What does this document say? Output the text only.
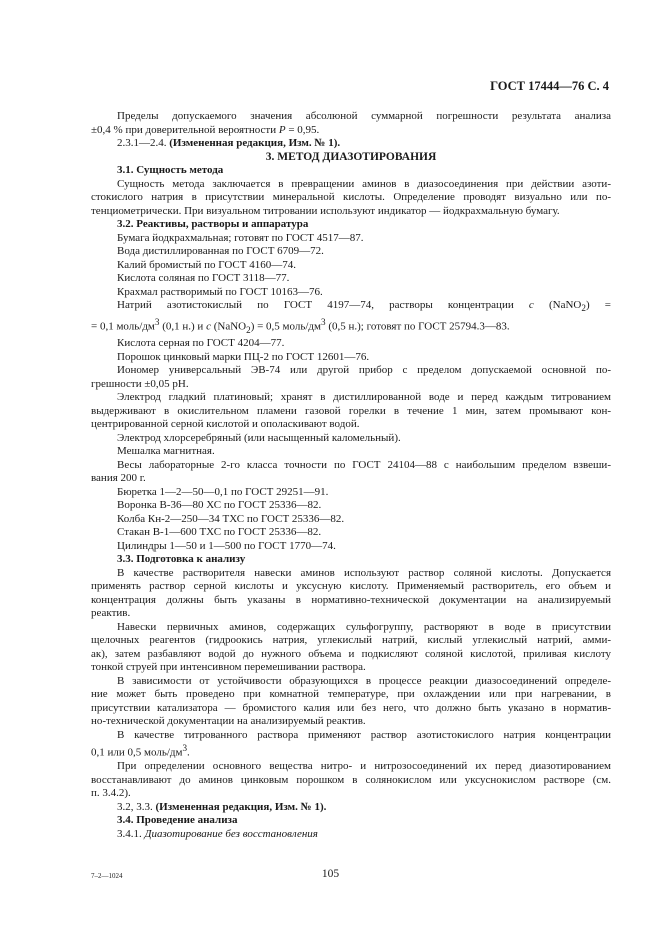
ГОСТ 17444—76 С. 4

Пределы допускаемого значения абсолюной суммарной погрешности результата анализа

±0,4 % при доверительной вероятности P = 0,95.

2.3.1—2.4. (Измененная редакция, Изм. № 1).

3. МЕТОД ДИАЗОТИРОВАНИЯ

3.1. Сущность метода

Сущность метода заключается в превращении аминов в диазосоединения при действии азоти-

стокислого натрия в присутствии минеральной кислоты. Определение проводят визуально или по-

тенциометрически. При визуальном титровании используют индикатор — йодкрахмальную бумагу.

3.2. Реактивы, растворы и аппаратура

Бумага йодкрахмальная; готовят по ГОСТ 4517—87.

Вода дистиллированная по ГОСТ 6709—72.

Калий бромистый по ГОСТ 4160—74.

Кислота соляная по ГОСТ 3118—77.

Крахмал растворимый по ГОСТ 10163—76.

Натрий азотистокислый по ГОСТ 4197—74, растворы концентрации c (NaNO$_2$) =

= 0,1 моль/$дм^3$ (0,1 н.) и c (NaNO$_2$) = 0,5 моль/$дм^3$ (0,5 н.); готовят по ГОСТ 25794.3—83.

Кислота серная по ГОСТ 4204—77.

Порошок цинковый марки ПЦ-2 по ГОСТ 12601—76.

Иономер универсальный ЭВ-74 или другой прибор с пределом допускаемой основной по-

грешности ±0,05 pH.

Электрод гладкий платиновый; хранят в дистиллированной воде и перед каждым титрованием

выдерживают в окислительном пламени газовой горелки в течение 1 мин, затем промывают кон-

центрированной серной кислотой и ополаскивают водой.

Электрод хлорсеребряный (или насыщенный каломельный).

Мешалка магнитная.

Весы лабораторные 2-го класса точности по ГОСТ 24104—88 с наибольшим пределом взвеши-

вания 200 г.

Бюретка 1—2—50—0,1 по ГОСТ 29251—91.

Воронка В-36—80 ХС по ГОСТ 25336—82.

Колба Кн-2—250—34 ТХС по ГОСТ 25336—82.

Стакан В-1—600 ТХС по ГОСТ 25336—82.

Цилиндры 1—50 и 1—500 по ГОСТ 1770—74.

3.3. Подготовка к анализу

В качестве растворителя навески аминов используют раствор соляной кислоты. Допускается

применять раствор серной кислоты и уксусную кислоту. Применяемый растворитель, его объем и

концентрация должны быть указаны в нормативно-технической документации на анализируемый

реактив.

Навески первичных аминов, содержащих сульфогруппу, растворяют в воде в присутствии

щелочных реагентов (гидроокись натрия, углекислый натрий, кислый углекислый натрий, амми-

ак), затем разбавляют водой до нужного объема и подкисляют соляной кислотой, приливая кислоту

тонкой струей при интенсивном перемешивании раствора.

В зависимости от устойчивости образующихся в процессе реакции диазосоединений определе-

ние может быть проведено при комнатной температуре, при охлаждении или при нагревании, в

присутствии катализатора — бромистого калия или без него, что должно быть указано в норматив-

но-технической документации на анализируемый реактив.

В качестве титрованного раствора применяют раствор азотистокислого натрия концентрации

0,1 или 0,5 моль/$дм^3$.

При определении основного вещества нитро- и нитрозосоединений их перед диазотированием

восстанавливают до аминов цинковым порошком в солянокислом или уксуснокислом растворе (см.

п. 3.4.2).

3.2, 3.3. (Измененная редакция, Изм. № 1).

3.4. Проведение анализа

3.4.1. Диазотирование без восстановления

7–2—1024	105
